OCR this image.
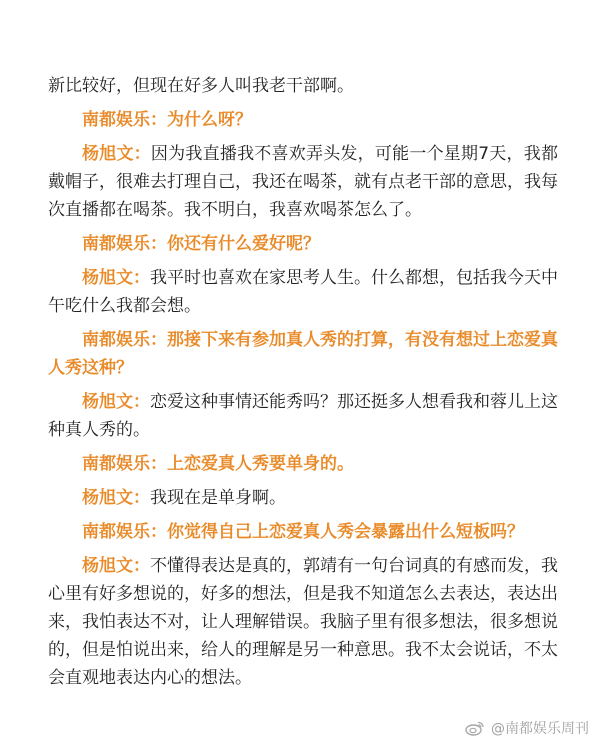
新比较好，但现在好多人叫我老干部啊。

南都娱乐：为什么呀？

杨旭文：因为我直播我不喜欢弄头发，可能一个星期7天，我都戴帽子，很难去打理自己，我还在喝茶，就有点老干部的意思，我每次直播都在喝茶。我不明白，我喜欢喝茶怎么了。

南都娱乐：你还有什么爱好呢？

杨旭文：我平时也喜欢在家思考人生。什么都想，包括我今天中午吃什么我都会想。

南都娱乐：那接下来有参加真人秀的打算，有没有想过上恋爱真人秀这种？

杨旭文：恋爱这种事情还能秀吗？那还挺多人想看我和蓉儿上这种真人秀的。

南都娱乐：上恋爱真人秀要单身的。

杨旭文：我现在是单身啊。

南都娱乐：你觉得自己上恋爱真人秀会暴露出什么短板吗？

杨旭文：不懂得表达是真的，郭靖有一句台词真的有感而发，我心里有好多想说的，好多的想法，但是我不知道怎么去表达，表达出来，我怕表达不对，让人理解错误。我脑子里有很多想法，很多想说的，但是怕说出来，给人的理解是另一种意思。我不太会说话，不太会直观地表达内心的想法。

@南都娱乐周刊
